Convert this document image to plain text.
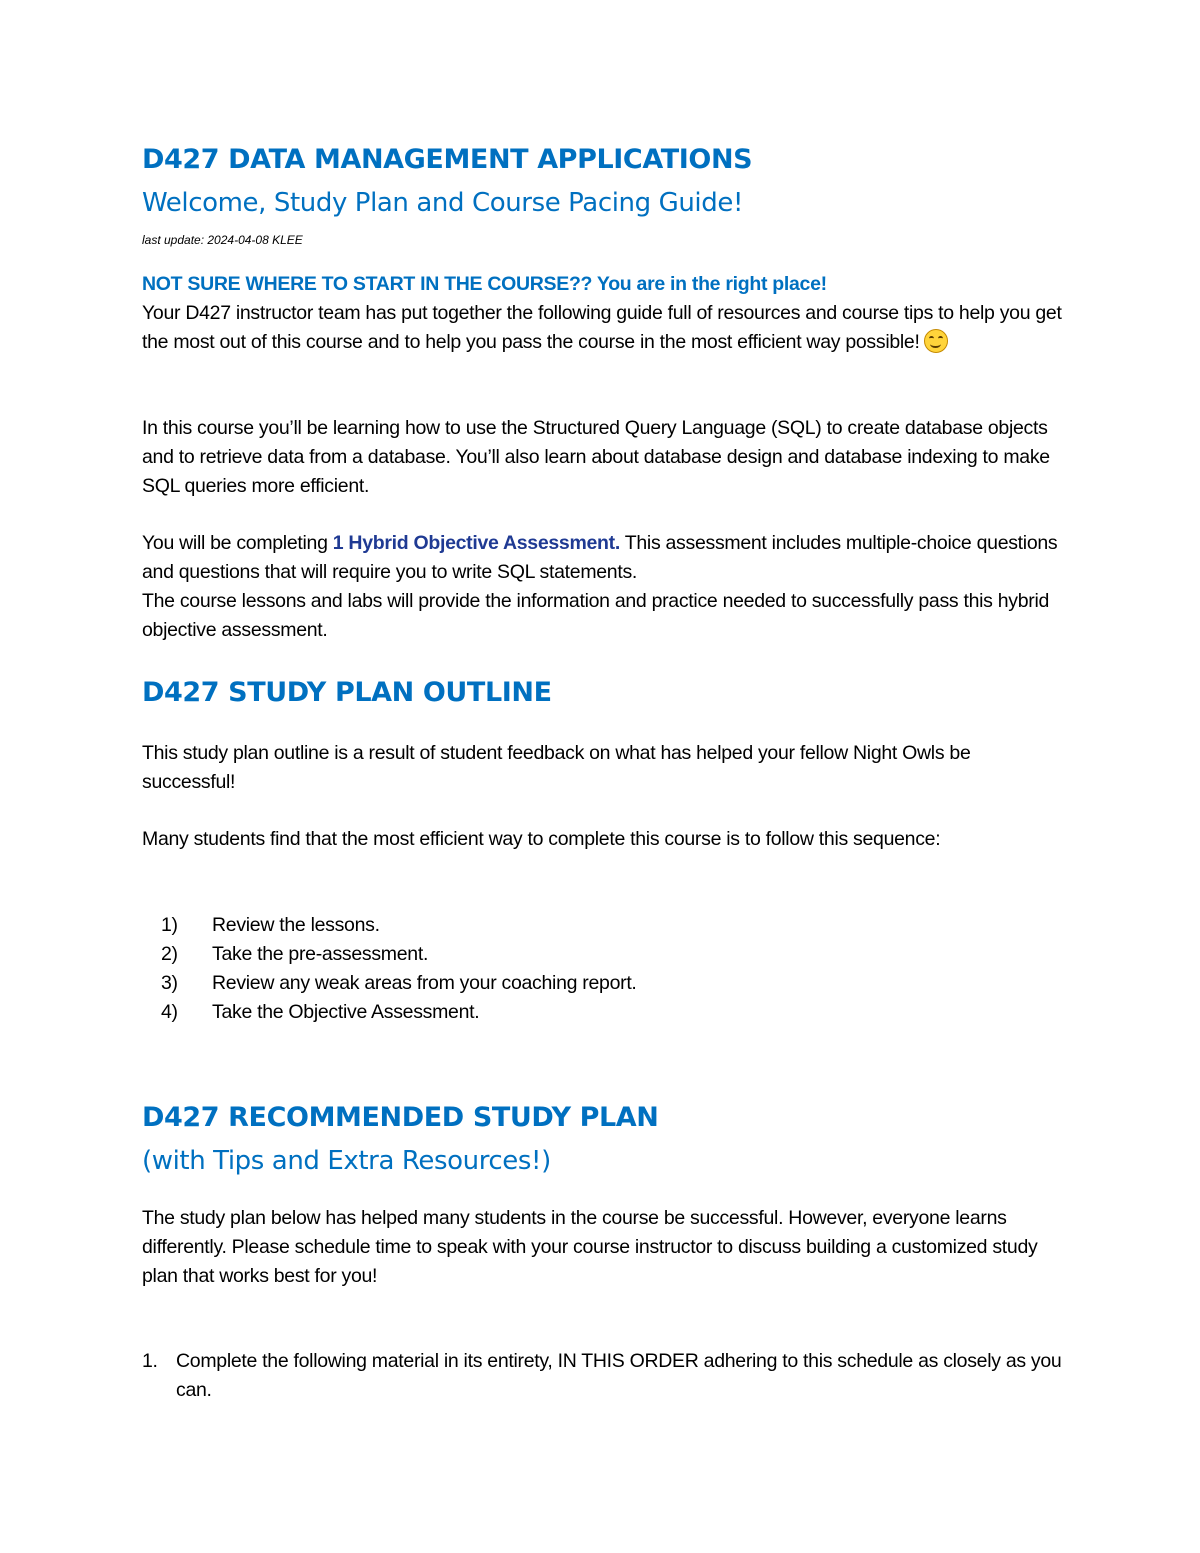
D427 DATA MANAGEMENT APPLICATIONS
Welcome, Study Plan and Course Pacing Guide!
last update: 2024-04-08 KLEE
NOT SURE WHERE TO START IN THE COURSE?? You are in the right place!

Your D427 instructor team has put together the following guide full of resources and course tips to help you get the most out of this course and to help you pass the course in the most efficient way possible!

In this course you’ll be learning how to use the Structured Query Language (SQL) to create database objects and to retrieve data from a database. You’ll also learn about database design and database indexing to make SQL queries more efficient.

You will be completing 1 Hybrid Objective Assessment. This assessment includes multiple-choice questions and questions that will require you to write SQL statements.

The course lessons and labs will provide the information and practice needed to successfully pass this hybrid objective assessment.

D427 STUDY PLAN OUTLINE

This study plan outline is a result of student feedback on what has helped your fellow Night Owls be successful!

Many students find that the most efficient way to complete this course is to follow this sequence:

1) Review the lessons.
2) Take the pre-assessment.
3) Review any weak areas from your coaching report.
4) Take the Objective Assessment.
D427 RECOMMENDED STUDY PLAN
(with Tips and Extra Resources!)

The study plan below has helped many students in the course be successful. However, everyone learns differently. Please schedule time to speak with your course instructor to discuss building a customized study plan that works best for you!

1. Complete the following material in its entirety, IN THIS ORDER adhering to this schedule as closely as you can.
